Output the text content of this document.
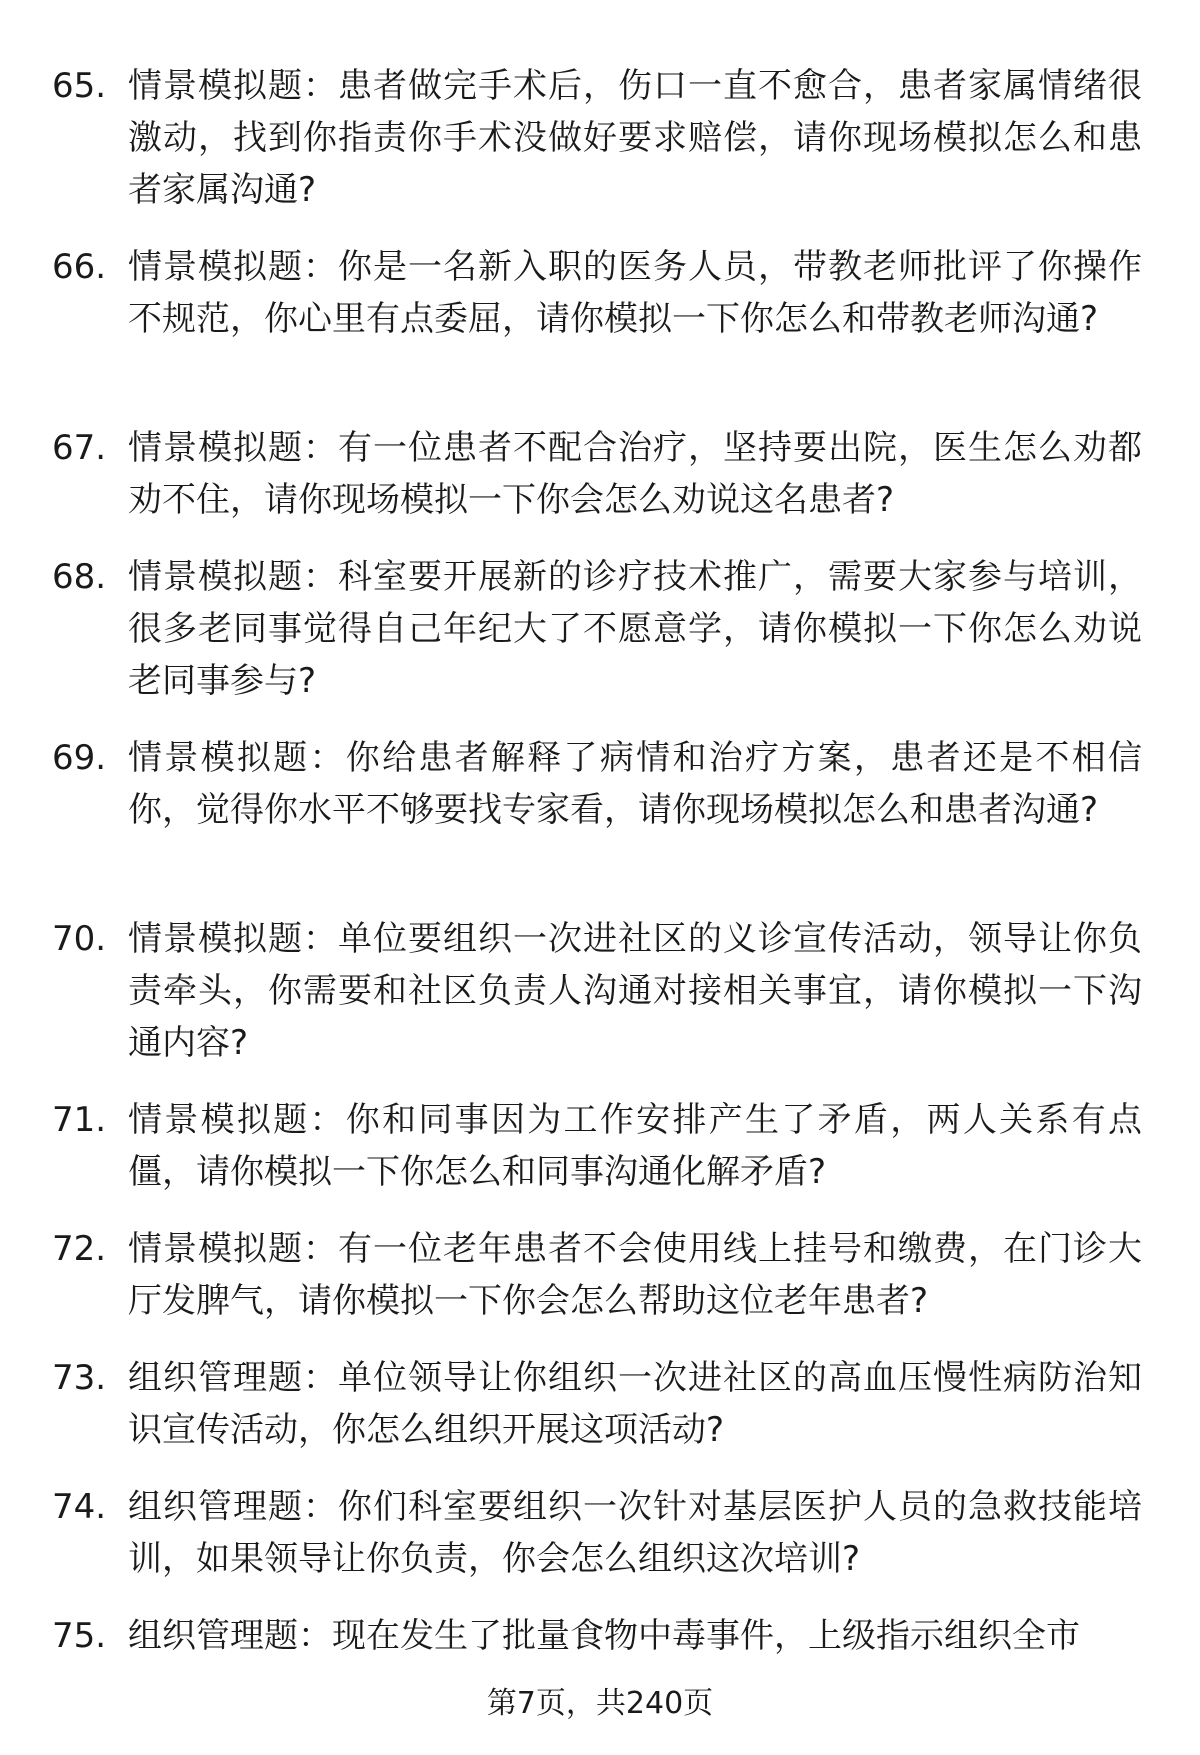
65. 情景模拟题：患者做完手术后，伤口一直不愈合，患者家属情绪很激动，找到你指责你手术没做好要求赔偿，请你现场模拟怎么和患者家属沟通?
66. 情景模拟题：你是一名新入职的医务人员，带教老师批评了你操作不规范，你心里有点委屈，请你模拟一下你怎么和带教老师沟通?
67. 情景模拟题：有一位患者不配合治疗，坚持要出院，医生怎么劝都劝不住，请你现场模拟一下你会怎么劝说这名患者?
68. 情景模拟题：科室要开展新的诊疗技术推广，需要大家参与培训，很多老同事觉得自己年纪大了不愿意学，请你模拟一下你怎么劝说老同事参与?
69. 情景模拟题：你给患者解释了病情和治疗方案，患者还是不相信你，觉得你水平不够要找专家看，请你现场模拟怎么和患者沟通?
70. 情景模拟题：单位要组织一次进社区的义诊宣传活动，领导让你负责牵头，你需要和社区负责人沟通对接相关事宜，请你模拟一下沟通内容?
71. 情景模拟题：你和同事因为工作安排产生了矛盾，两人关系有点僵，请你模拟一下你怎么和同事沟通化解矛盾?
72. 情景模拟题：有一位老年患者不会使用线上挂号和缴费，在门诊大厅发脾气，请你模拟一下你会怎么帮助这位老年患者?
73. 组织管理题：单位领导让你组织一次进社区的高血压慢性病防治知识宣传活动，你怎么组织开展这项活动?
74. 组织管理题：你们科室要组织一次针对基层医护人员的急救技能培训，如果领导让你负责，你会怎么组织这次培训?
75. 组织管理题：现在发生了批量食物中毒事件，上级指示组织全市
第7页，共240页
